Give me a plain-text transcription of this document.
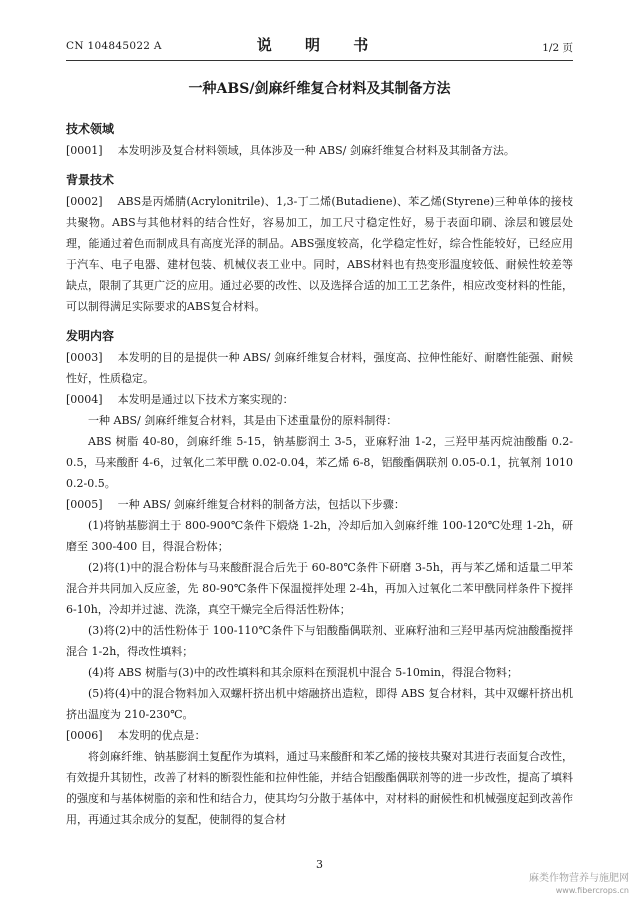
CN 104845022 A	说 明 书	1/2 页
一种ABS/剑麻纤维复合材料及其制备方法
技术领域
[0001]  本发明涉及复合材料领域，具体涉及一种 ABS/ 剑麻纤维复合材料及其制备方法。
背景技术
[0002]  ABS是丙烯腈(Acrylonitrile)、1,3-丁二烯(Butadiene)、苯乙烯(Styrene)三种单体的接枝共聚物。ABS与其他材料的结合性好，容易加工，加工尺寸稳定性好，易于表面印刷、涂层和镀层处理，能通过着色而制成具有高度光泽的制品。ABS强度较高，化学稳定性好，综合性能较好，已经应用于汽车、电子电器、建材包装、机械仪表工业中。同时，ABS材料也有热变形温度较低、耐候性较差等缺点，限制了其更广泛的应用。通过必要的改性、以及选择合适的加工工艺条件，相应改变材料的性能，可以制得满足实际要求的ABS复合材料。
发明内容
[0003]  本发明的目的是提供一种 ABS/ 剑麻纤维复合材料，强度高、拉伸性能好、耐磨性能强、耐候性好，性质稳定。
[0004]  本发明是通过以下技术方案实现的：
一种 ABS/ 剑麻纤维复合材料，其是由下述重量份的原料制得：
ABS 树脂 40-80，剑麻纤维 5-15，钠基膨润土 3-5，亚麻籽油 1-2，三羟甲基丙烷油酸酯 0.2-0.5，马来酸酐 4-6，过氧化二苯甲酰 0.02-0.04，苯乙烯 6-8，铝酸酯偶联剂 0.05-0.1，抗氧剂 1010 0.2-0.5。
[0005]  一种 ABS/ 剑麻纤维复合材料的制备方法，包括以下步骤：
(1)将钠基膨润土于 800-900℃条件下煅烧 1-2h，冷却后加入剑麻纤维 100-120℃处理 1-2h，研磨至 300-400 目，得混合粉体；
(2)将(1)中的混合粉体与马来酸酐混合后先于 60-80℃条件下研磨 3-5h，再与苯乙烯和适量二甲苯混合并共同加入反应釜，先 80-90℃条件下保温搅拌处理 2-4h，再加入过氧化二苯甲酰同样条件下搅拌 6-10h，冷却并过滤、洗涤，真空干燥完全后得活性粉体；
(3)将(2)中的活性粉体于 100-110℃条件下与铝酸酯偶联剂、亚麻籽油和三羟甲基丙烷油酸酯搅拌混合 1-2h，得改性填料；
(4)将 ABS 树脂与(3)中的改性填料和其余原料在预混机中混合 5-10min，得混合物料；
(5)将(4)中的混合物料加入双螺杆挤出机中熔融挤出造粒，即得 ABS 复合材料，其中双螺杆挤出机挤出温度为 210-230℃。
[0006]  本发明的优点是：
将剑麻纤维、钠基膨润土复配作为填料，通过马来酸酐和苯乙烯的接枝共聚对其进行表面复合改性，有效提升其韧性，改善了材料的断裂性能和拉伸性能，并结合铝酸酯偶联剂等的进一步改性，提高了填料的强度和与基体树脂的亲和性和结合力，使其均匀分散于基体中，对材料的耐候性和机械强度起到改善作用，再通过其余成分的复配，使制得的复合材
3
麻类作物营养与施肥网
www.fibercrops.cn
